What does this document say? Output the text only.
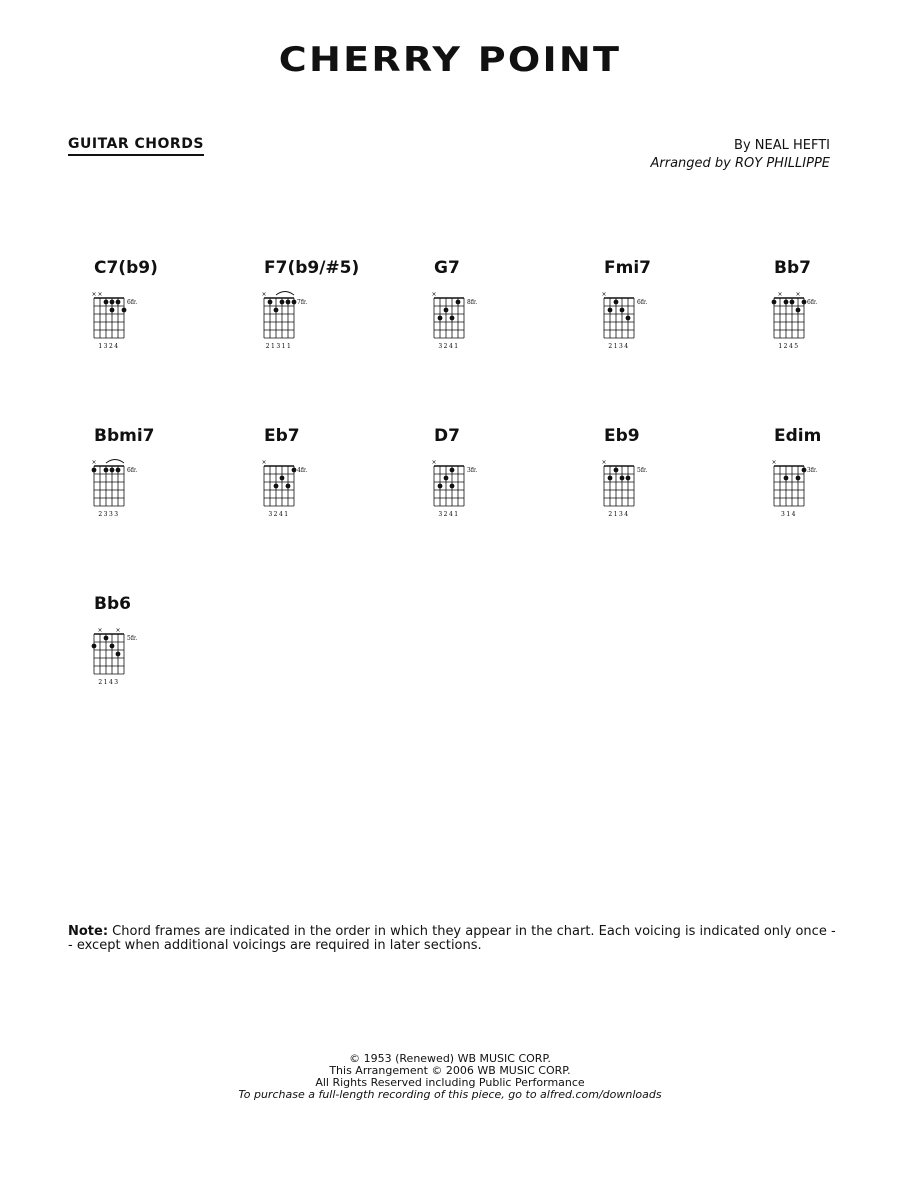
CHERRY POINT
GUITAR CHORDS	By NEAL HEFTI
Arranged by ROY PHILLIPPE
C7(b9)
× ×
6fr.
1324
F7(b9/#5)
×
7fr.
21311
G7
×
8fr.
3241
Fmi7
×
6fr.
2134
Bb7
× ×
6fr.
1245
Bbmi7
×
6fr.
2333
Eb7
×
4fr.
3241
D7
×
3fr.
3241
Eb9
×
5fr.
2134
Edim
×
3fr.
314
Bb6
× ×
5fr.
2143
Note: Chord frames are indicated in the order in which they appear in the chart. Each voicing is indicated only once -- except when additional voicings are required in later sections.
© 1953 (Renewed) WB MUSIC CORP.
This Arrangement © 2006 WB MUSIC CORP.
All Rights Reserved including Public Performance
To purchase a full-length recording of this piece, go to alfred.com/downloads
